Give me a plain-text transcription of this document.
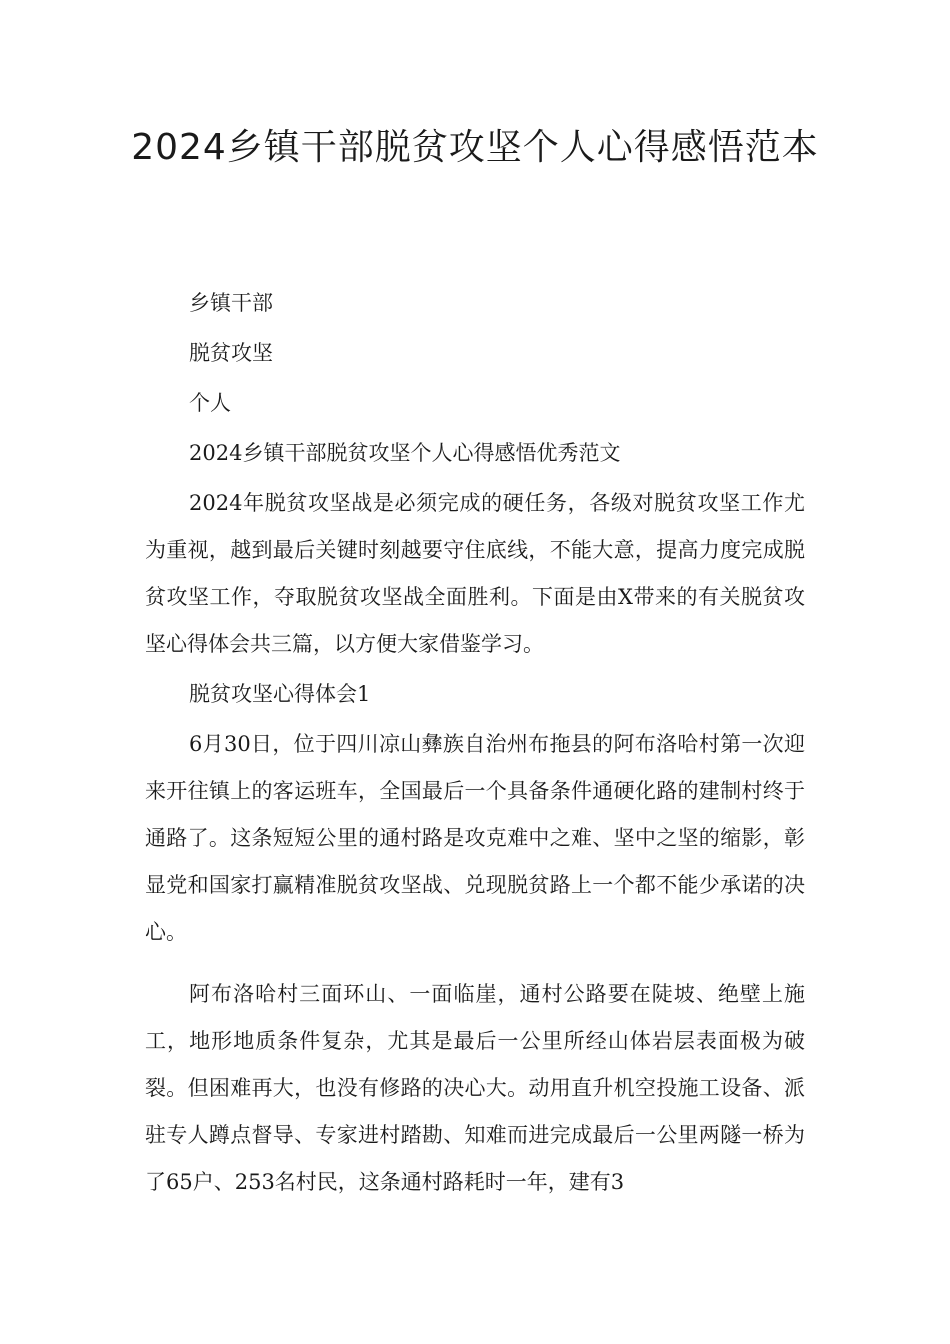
2024乡镇干部脱贫攻坚个人心得感悟范本

乡镇干部

脱贫攻坚

个人

2024乡镇干部脱贫攻坚个人心得感悟优秀范文

2024年脱贫攻坚战是必须完成的硬任务，各级对脱贫攻坚工作尤为重视，越到最后关键时刻越要守住底线，不能大意，提高力度完成脱贫攻坚工作，夺取脱贫攻坚战全面胜利。下面是由X带来的有关脱贫攻坚心得体会共三篇，以方便大家借鉴学习。

脱贫攻坚心得体会1

6月30日，位于四川凉山彝族自治州布拖县的阿布洛哈村第一次迎来开往镇上的客运班车，全国最后一个具备条件通硬化路的建制村终于通路了。这条短短公里的通村路是攻克难中之难、坚中之坚的缩影，彰显党和国家打赢精准脱贫攻坚战、兑现脱贫路上一个都不能少承诺的决心。

阿布洛哈村三面环山、一面临崖，通村公路要在陡坡、绝壁上施工，地形地质条件复杂，尤其是最后一公里所经山体岩层表面极为破裂。但困难再大，也没有修路的决心大。动用直升机空投施工设备、派驻专人蹲点督导、专家进村踏勘、知难而进完成最后一公里两隧一桥为了65户、253名村民，这条通村路耗时一年，建有3
